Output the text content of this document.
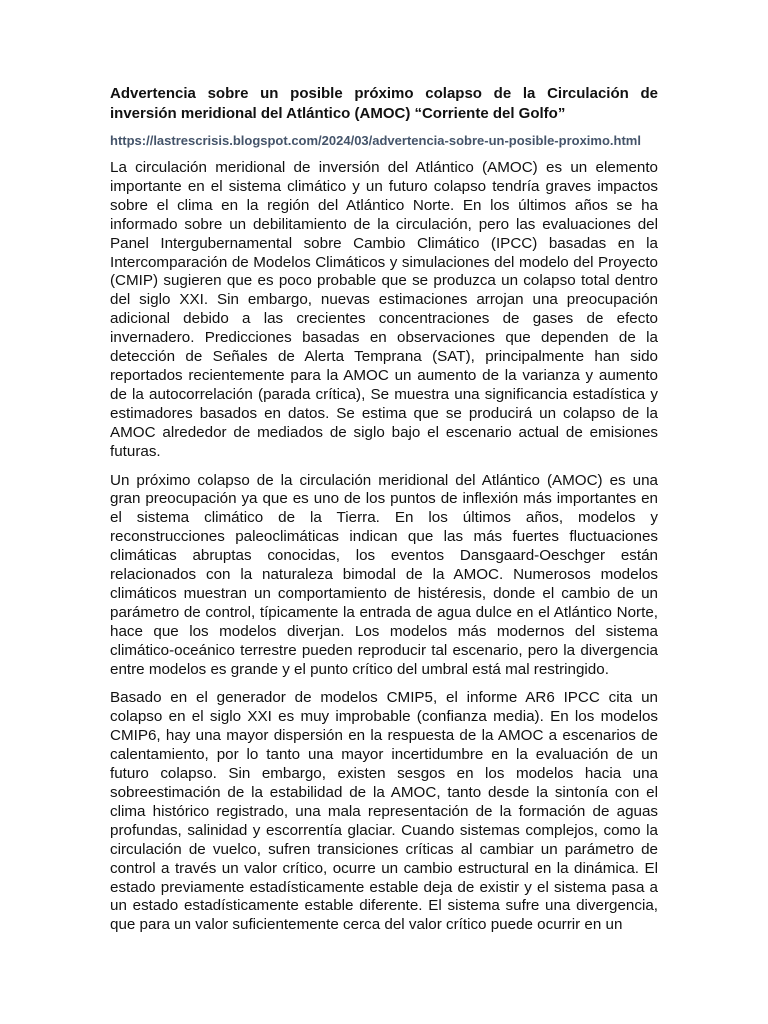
Advertencia sobre un posible próximo colapso de la Circulación de inversión meridional del Atlántico (AMOC) “Corriente del Golfo”
https://lastrescrisis.blogspot.com/2024/03/advertencia-sobre-un-posible-proximo.html

La circulación meridional de inversión del Atlántico (AMOC) es un elemento importante en el sistema climático y un futuro colapso tendría graves impactos sobre el clima en la región del Atlántico Norte. En los últimos años se ha informado sobre un debilitamiento de la circulación, pero las evaluaciones del Panel Intergubernamental sobre Cambio Climático (IPCC) basadas en la Intercomparación de Modelos Climáticos y simulaciones del modelo del Proyecto (CMIP) sugieren que es poco probable que se produzca un colapso total dentro del siglo XXI. Sin embargo, nuevas estimaciones arrojan una preocupación adicional debido a las crecientes concentraciones de gases de efecto invernadero. Predicciones basadas en observaciones que dependen de la detección de Señales de Alerta Temprana (SAT), principalmente han sido reportados recientemente para la AMOC un aumento de la varianza y aumento de la autocorrelación (parada crítica), Se muestra una significancia estadística y estimadores basados en datos. Se estima que se producirá un colapso de la AMOC alrededor de mediados de siglo bajo el escenario actual de emisiones futuras.

Un próximo colapso de la circulación meridional del Atlántico (AMOC) es una gran preocupación ya que es uno de los puntos de inflexión más importantes en el sistema climático de la Tierra. En los últimos años, modelos y reconstrucciones paleoclimáticas indican que las más fuertes fluctuaciones climáticas abruptas conocidas, los eventos Dansgaard-Oeschger están relacionados con la naturaleza bimodal de la AMOC. Numerosos modelos climáticos muestran un comportamiento de histéresis, donde el cambio de un parámetro de control, típicamente la entrada de agua dulce en el Atlántico Norte, hace que los modelos diverjan. Los modelos más modernos del sistema climático-oceánico terrestre pueden reproducir tal escenario, pero la divergencia entre modelos es grande y el punto crítico del umbral está mal restringido.

Basado en el generador de modelos CMIP5, el informe AR6 IPCC cita un colapso en el siglo XXI es muy improbable (confianza media). En los modelos CMIP6, hay una mayor dispersión en la respuesta de la AMOC a escenarios de calentamiento, por lo tanto una mayor incertidumbre en la evaluación de un futuro colapso. Sin embargo, existen sesgos en los modelos hacia una sobreestimación de la estabilidad de la AMOC, tanto desde la sintonía con el clima histórico registrado, una mala representación de la formación de aguas profundas, salinidad y escorrentía glaciar. Cuando sistemas complejos, como la circulación de vuelco, sufren transiciones críticas al cambiar un parámetro de control a través un valor crítico, ocurre un cambio estructural en la dinámica. El estado previamente estadísticamente estable deja de existir y el sistema pasa a un estado estadísticamente estable diferente. El sistema sufre una divergencia, que para un valor suficientemente cerca del valor crítico puede ocurrir en un
